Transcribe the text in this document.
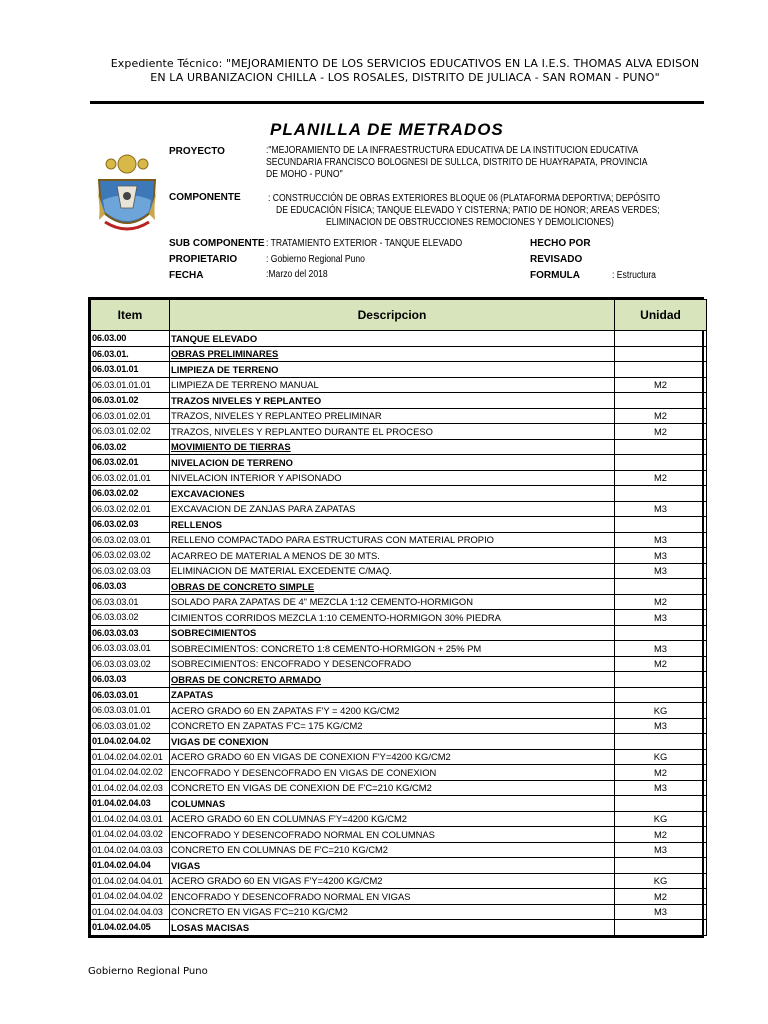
Expediente Técnico: "MEJORAMIENTO DE LOS SERVICIOS EDUCATIVOS EN LA I.E.S. THOMAS ALVA EDISON
EN LA URBANIZACION CHILLA - LOS ROSALES, DISTRITO DE JULIACA - SAN ROMAN - PUNO"
PLANILLA DE METRADOS
PROYECTO	:"MEJORAMIENTO DE LA INFRAESTRUCTURA EDUCATIVA DE LA INSTITUCION EDUCATIVA
SECUNDARIA FRANCISCO BOLOGNESI DE SULLCA, DISTRITO DE HUAYRAPATA, PROVINCIA
DE MOHO - PUNO"
COMPONENTE	: CONSTRUCCIÓN DE OBRAS EXTERIORES BLOQUE 06 (PLATAFORMA DEPORTIVA; DEPÓSITO
DE EDUCACIÓN FÍSICA; TANQUE ELEVADO Y CISTERNA; PATIO DE HONOR; AREAS VERDES;
ELIMINACION DE OBSTRUCCIONES REMOCIONES Y DEMOLICIONES)
SUB COMPONENTE : TRATAMIENTO EXTERIOR - TANQUE ELEVADO
PROPIETARIO	: Gobierno Regional Puno
FECHA	:Marzo del 2018
HECHO POR
REVISADO
FORMULA	: Estructura
Item	Descripcion	Unidad
06.03.00	TANQUE ELEVADO	
06.03.01.	OBRAS PRELIMINARES	
06.03.01.01	LIMPIEZA DE TERRENO	
06.03.01.01.01	LIMPIEZA DE TERRENO MANUAL	M2
06.03.01.02	TRAZOS NIVELES Y REPLANTEO	
06.03.01.02.01	TRAZOS, NIVELES Y REPLANTEO PRELIMINAR	M2
06.03.01.02.02	TRAZOS, NIVELES Y REPLANTEO DURANTE EL PROCESO	M2
06.03.02	MOVIMIENTO DE TIERRAS	
06.03.02.01	NIVELACION DE TERRENO	
06.03.02.01.01	NIVELACION INTERIOR Y APISONADO	M2
06.03.02.02	EXCAVACIONES	
06.03.02.02.01	EXCAVACION DE ZANJAS PARA ZAPATAS	M3
06.03.02.03	RELLENOS	
06.03.02.03.01	RELLENO COMPACTADO PARA ESTRUCTURAS CON MATERIAL PROPIO	M3
06.03.02.03.02	ACARREO DE MATERIAL A MENOS DE 30 MTS.	M3
06.03.02.03.03	ELIMINACION DE MATERIAL EXCEDENTE C/MAQ.	M3
06.03.03	OBRAS DE CONCRETO SIMPLE	
06.03.03.01	SOLADO PARA ZAPATAS DE 4" MEZCLA 1:12 CEMENTO-HORMIGON	M2
06.03.03.02	CIMIENTOS CORRIDOS MEZCLA 1:10 CEMENTO-HORMIGON 30% PIEDRA	M3
06.03.03.03	SOBRECIMIENTOS	
06.03.03.03.01	SOBRECIMIENTOS: CONCRETO 1:8 CEMENTO-HORMIGON + 25% PM	M3
06.03.03.03.02	SOBRECIMIENTOS: ENCOFRADO Y DESENCOFRADO	M2
06.03.03	OBRAS DE CONCRETO ARMADO	
06.03.03.01	ZAPATAS	
06.03.03.01.01	ACERO GRADO 60 EN ZAPATAS F'Y = 4200 KG/CM2	KG
06.03.03.01.02	CONCRETO EN ZAPATAS F'C= 175 KG/CM2	M3
01.04.02.04.02	VIGAS DE CONEXION	
01.04.02.04.02.01	ACERO GRADO 60 EN VIGAS DE CONEXION F'Y=4200 KG/CM2	KG
01.04.02.04.02.02	ENCOFRADO Y DESENCOFRADO EN VIGAS DE CONEXION	M2
01.04.02.04.02.03	CONCRETO EN VIGAS DE CONEXION DE F'C=210 KG/CM2	M3
01.04.02.04.03	COLUMNAS	
01.04.02.04.03.01	ACERO GRADO 60 EN COLUMNAS F'Y=4200 KG/CM2	KG
01.04.02.04.03.02	ENCOFRADO Y DESENCOFRADO NORMAL EN COLUMNAS	M2
01.04.02.04.03.03	CONCRETO EN COLUMNAS DE F'C=210 KG/CM2	M3
01.04.02.04.04	VIGAS	
01.04.02.04.04.01	ACERO GRADO 60 EN VIGAS F'Y=4200 KG/CM2	KG
01.04.02.04.04.02	ENCOFRADO Y DESENCOFRADO NORMAL EN VIGAS	M2
01.04.02.04.04.03	CONCRETO EN VIGAS F'C=210 KG/CM2	M3
01.04.02.04.05	LOSAS MACISAS	
Gobierno Regional Puno
